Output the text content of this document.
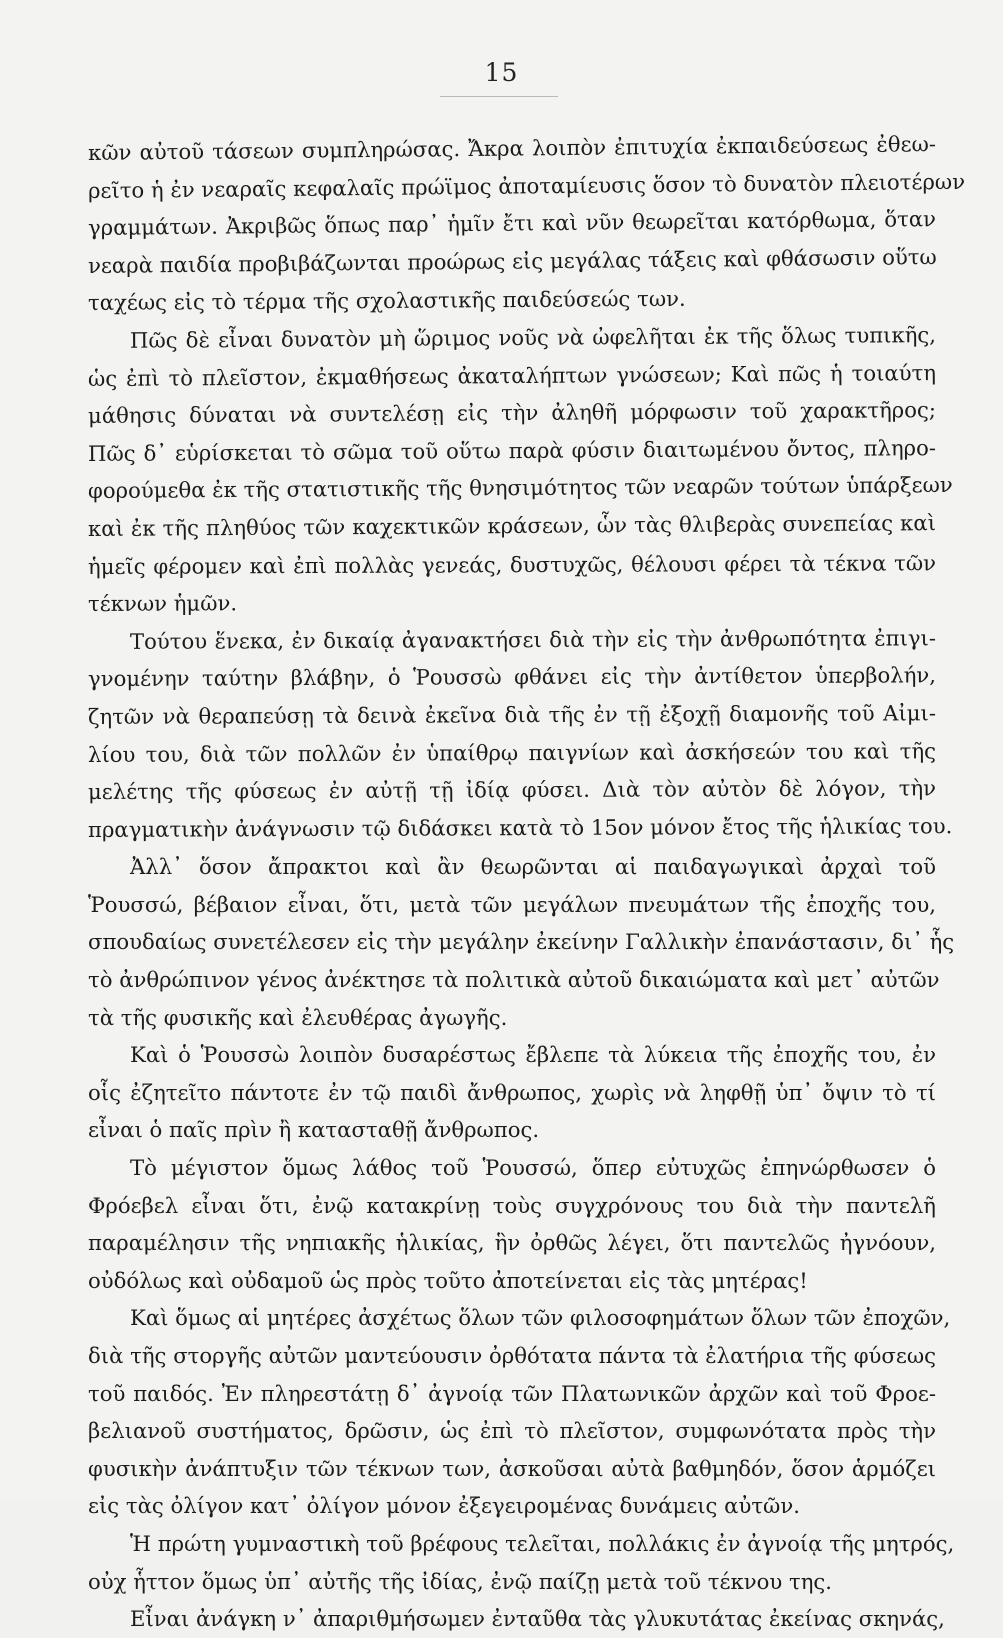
15
κῶν αὐτοῦ τάσεων συμπληρώσας. Ἄκρα λοιπὸν ἐπιτυχία ἐκπαιδεύσεως ἐθεω-
ρεῖτο ἡ ἐν νεαραῖς κεφαλαῖς πρώϊμος ἀποταμίευσις ὅσον τὸ δυνατὸν πλειοτέρων
γραμμάτων. Ἀκριβῶς ὅπως παρ᾽ ἡμῖν ἔτι καὶ νῦν θεωρεῖται κατόρθωμα, ὅταν
νεαρὰ παιδία προβιβάζωνται προώρως εἰς μεγάλας τάξεις καὶ φθάσωσιν οὕτω
ταχέως εἰς τὸ τέρμα τῆς σχολαστικῆς παιδεύσεώς των.
Πῶς δὲ εἶναι δυνατὸν μὴ ὥριμος νοῦς νὰ ὠφελῆται ἐκ τῆς ὅλως τυπικῆς,
ὡς ἐπὶ τὸ πλεῖστον, ἐκμαθήσεως ἀκαταλήπτων γνώσεων; Καὶ πῶς ἡ τοιαύτη
μάθησις δύναται νὰ συντελέσῃ εἰς τὴν ἀληθῆ μόρφωσιν τοῦ χαρακτῆρος;
Πῶς δ᾽ εὑρίσκεται τὸ σῶμα τοῦ οὕτω παρὰ φύσιν διαιτωμένου ὄντος, πληρο-
φορούμεθα ἐκ τῆς στατιστικῆς τῆς θνησιμότητος τῶν νεαρῶν τούτων ὑπάρξεων
καὶ ἐκ τῆς πληθύος τῶν καχεκτικῶν κράσεων, ὧν τὰς θλιβερὰς συνεπείας καὶ
ἡμεῖς φέρομεν καὶ ἐπὶ πολλὰς γενεάς, δυστυχῶς, θέλουσι φέρει τὰ τέκνα τῶν
τέκνων ἡμῶν.
Τούτου ἕνεκα, ἐν δικαίᾳ ἀγανακτήσει διὰ τὴν εἰς τὴν ἀνθρωπότητα ἐπιγι-
γνομένην ταύτην βλάβην, ὁ Ῥουσσὼ φθάνει εἰς τὴν ἀντίθετον ὑπερβολήν,
ζητῶν νὰ θεραπεύσῃ τὰ δεινὰ ἐκεῖνα διὰ τῆς ἐν τῇ ἐξοχῇ διαμονῆς τοῦ Αἰμι-
λίου του, διὰ τῶν πολλῶν ἐν ὑπαίθρῳ παιγνίων καὶ ἀσκήσεών του καὶ τῆς
μελέτης τῆς φύσεως ἐν αὐτῇ τῇ ἰδίᾳ φύσει. Διὰ τὸν αὐτὸν δὲ λόγον, τὴν
πραγματικὴν ἀνάγνωσιν τῷ διδάσκει κατὰ τὸ 15ον μόνον ἔτος τῆς ἡλικίας του.
Ἀλλ᾽ ὅσον ἄπρακτοι καὶ ἂν θεωρῶνται αἱ παιδαγωγικαὶ ἀρχαὶ τοῦ
Ῥουσσώ, βέβαιον εἶναι, ὅτι, μετὰ τῶν μεγάλων πνευμάτων τῆς ἐποχῆς του,
σπουδαίως συνετέλεσεν εἰς τὴν μεγάλην ἐκείνην Γαλλικὴν ἐπανάστασιν, δι᾽ ἧς
τὸ ἀνθρώπινον γένος ἀνέκτησε τὰ πολιτικὰ αὐτοῦ δικαιώματα καὶ μετ᾽ αὐτῶν
τὰ τῆς φυσικῆς καὶ ἐλευθέρας ἀγωγῆς.
Καὶ ὁ Ῥουσσὼ λοιπὸν δυσαρέστως ἔβλεπε τὰ λύκεια τῆς ἐποχῆς του, ἐν
οἷς ἐζητεῖτο πάντοτε ἐν τῷ παιδὶ ἄνθρωπος, χωρὶς νὰ ληφθῇ ὑπ᾽ ὄψιν τὸ τί
εἶναι ὁ παῖς πρὶν ἢ κατασταθῇ ἄνθρωπος.
Τὸ μέγιστον ὅμως λάθος τοῦ Ῥουσσώ, ὅπερ εὐτυχῶς ἐπηνώρθωσεν ὁ
Φρόεβελ εἶναι ὅτι, ἐνῷ κατακρίνῃ τοὺς συγχρόνους του διὰ τὴν παντελῆ
παραμέλησιν τῆς νηπιακῆς ἡλικίας, ἣν ὀρθῶς λέγει, ὅτι παντελῶς ἠγνόουν,
οὐδόλως καὶ οὐδαμοῦ ὡς πρὸς τοῦτο ἀποτείνεται εἰς τὰς μητέρας!
Καὶ ὅμως αἱ μητέρες ἀσχέτως ὅλων τῶν φιλοσοφημάτων ὅλων τῶν ἐποχῶν,
διὰ τῆς στοργῆς αὐτῶν μαντεύουσιν ὀρθότατα πάντα τὰ ἐλατήρια τῆς φύσεως
τοῦ παιδός. Ἐν πληρεστάτῃ δ᾽ ἀγνοίᾳ τῶν Πλατωνικῶν ἀρχῶν καὶ τοῦ Φροε-
βελιανοῦ συστήματος, δρῶσιν, ὡς ἐπὶ τὸ πλεῖστον, συμφωνότατα πρὸς τὴν
φυσικὴν ἀνάπτυξιν τῶν τέκνων των, ἀσκοῦσαι αὐτὰ βαθμηδόν, ὅσον ἁρμόζει
εἰς τὰς ὀλίγον κατ᾽ ὀλίγον μόνον ἐξεγειρομένας δυνάμεις αὐτῶν.
Ἡ πρώτη γυμναστικὴ τοῦ βρέφους τελεῖται, πολλάκις ἐν ἀγνοίᾳ τῆς μητρός,
οὐχ ἧττον ὅμως ὑπ᾽ αὐτῆς τῆς ἰδίας, ἐνῷ παίζῃ μετὰ τοῦ τέκνου της.
Εἶναι ἀνάγκη ν᾽ ἀπαριθμήσωμεν ἐνταῦθα τὰς γλυκυτάτας ἐκείνας σκηνάς,
